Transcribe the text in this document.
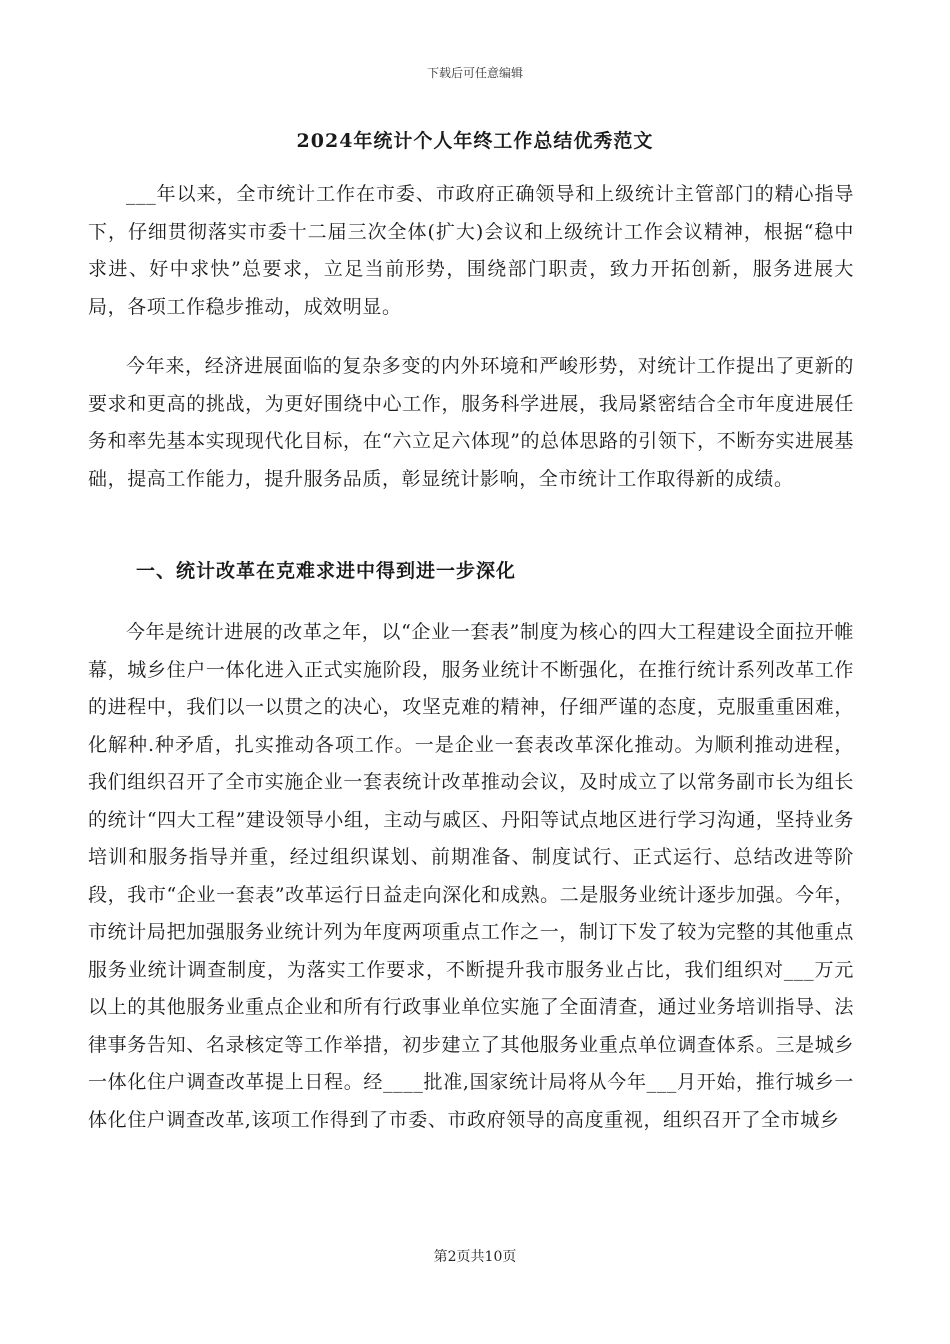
下载后可任意编辑
2024年统计个人年终工作总结优秀范文

___年以来，全市统计工作在市委、市政府正确领导和上级统计主管部门的精心指导下，仔细贯彻落实市委十二届三次全体(扩大)会议和上级统计工作会议精神，根据“稳中求进、好中求快”总要求，立足当前形势，围绕部门职责，致力开拓创新，服务进展大局，各项工作稳步推动，成效明显。

今年来，经济进展面临的复杂多变的内外环境和严峻形势，对统计工作提出了更新的要求和更高的挑战，为更好围绕中心工作，服务科学进展，我局紧密结合全市年度进展任务和率先基本实现现代化目标，在“六立足六体现”的总体思路的引领下，不断夯实进展基础，提高工作能力，提升服务品质，彰显统计影响，全市统计工作取得新的成绩。

一、统计改革在克难求进中得到进一步深化

今年是统计进展的改革之年，以“企业一套表”制度为核心的四大工程建设全面拉开帷幕，城乡住户一体化进入正式实施阶段，服务业统计不断强化，在推行统计系列改革工作的进程中，我们以一以贯之的决心，攻坚克难的精神，仔细严谨的态度，克服重重困难，化解种.种矛盾，扎实推动各项工作。一是企业一套表改革深化推动。为顺利推动进程，我们组织召开了全市实施企业一套表统计改革推动会议，及时成立了以常务副市长为组长的统计“四大工程”建设领导小组，主动与戚区、丹阳等试点地区进行学习沟通，坚持业务培训和服务指导并重，经过组织谋划、前期准备、制度试行、正式运行、总结改进等阶段，我市“企业一套表”改革运行日益走向深化和成熟。二是服务业统计逐步加强。今年，市统计局把加强服务业统计列为年度两项重点工作之一，制订下发了较为完整的其他重点服务业统计调查制度，为落实工作要求，不断提升我市服务业占比，我们组织对___万元以上的其他服务业重点企业和所有行政事业单位实施了全面清查，通过业务培训指导、法律事务告知、名录核定等工作举措，初步建立了其他服务业重点单位调查体系。三是城乡一体化住户调查改革提上日程。经____批准,国家统计局将从今年___月开始，推行城乡一体化住户调查改革,该项工作得到了市委、市政府领导的高度重视，组织召开了全市城乡

第2页共10页
